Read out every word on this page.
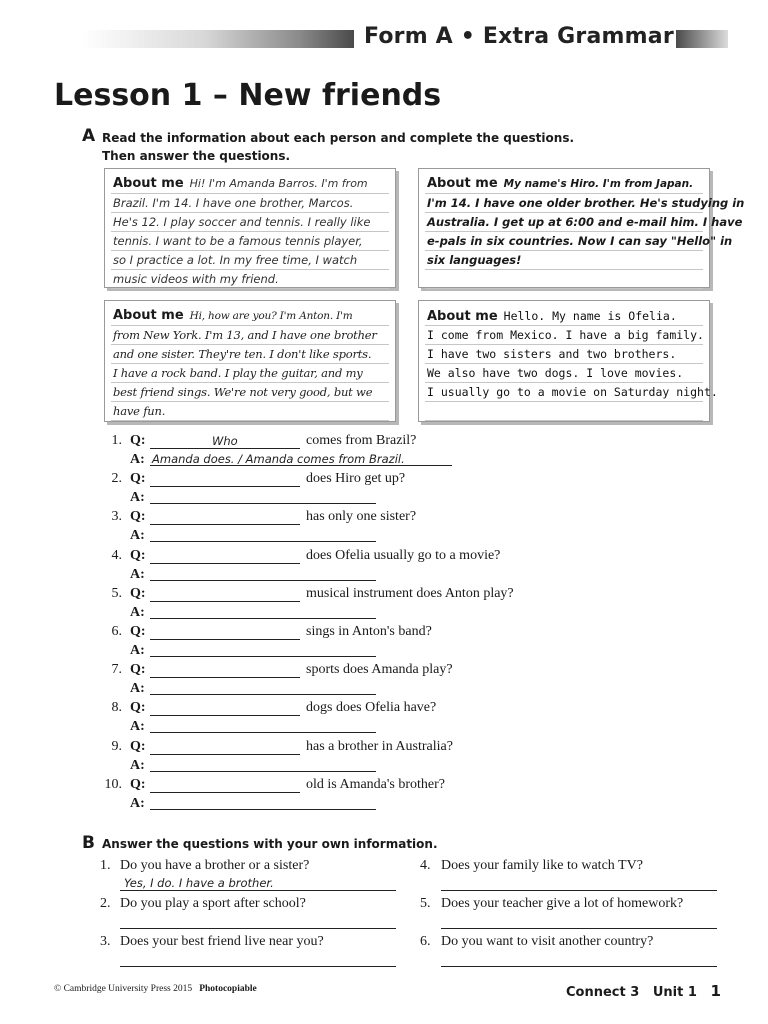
Form A • Extra Grammar
Lesson 1 – New friends
A Read the information about each person and complete the questions.
Then answer the questions.
About me Hi! I'm Amanda Barros. I'm from
Brazil. I'm 14. I have one brother, Marcos.
He's 12. I play soccer and tennis. I really like
tennis. I want to be a famous tennis player,
so I practice a lot. In my free time, I watch
music videos with my friend.
About me My name's Hiro. I'm from Japan.
I'm 14. I have one older brother. He's studying in
Australia. I get up at 6:00 and e-mail him. I have
e-pals in six countries. Now I can say "Hello" in
six languages!
About me Hi, how are you? I'm Anton. I'm
from New York. I'm 13, and I have one brother
and one sister. They're ten. I don't like sports.
I have a rock band. I play the guitar, and my
best friend sings. We're not very good, but we
have fun.
About me Hello. My name is Ofelia.
I come from Mexico. I have a big family.
I have two sisters and two brothers.
We also have two dogs. I love movies.
I usually go to a movie on Saturday night.
1. Q:	Who	comes from Brazil?
A: Amanda does. / Amanda comes from Brazil.
2. Q:	does Hiro get up?
A:
3. Q:	has only one sister?
A:
4. Q:	does Ofelia usually go to a movie?
A:
5. Q:	musical instrument does Anton play?
A:
6. Q:	sings in Anton's band?
A:
7. Q:	sports does Amanda play?
A:
8. Q:	dogs does Ofelia have?
A:
9. Q:	has a brother in Australia?
A:
10. Q:	old is Amanda's brother?
A:
B Answer the questions with your own information.
1. Do you have a brother or a sister?
Yes, I do. I have a brother.
2. Do you play a sport after school?
3. Does your best friend live near you?
4. Does your family like to watch TV?
5. Does your teacher give a lot of homework?
6. Do you want to visit another country?
© Cambridge University Press 2015 Photocopiable	Connect 3 Unit 1 1
